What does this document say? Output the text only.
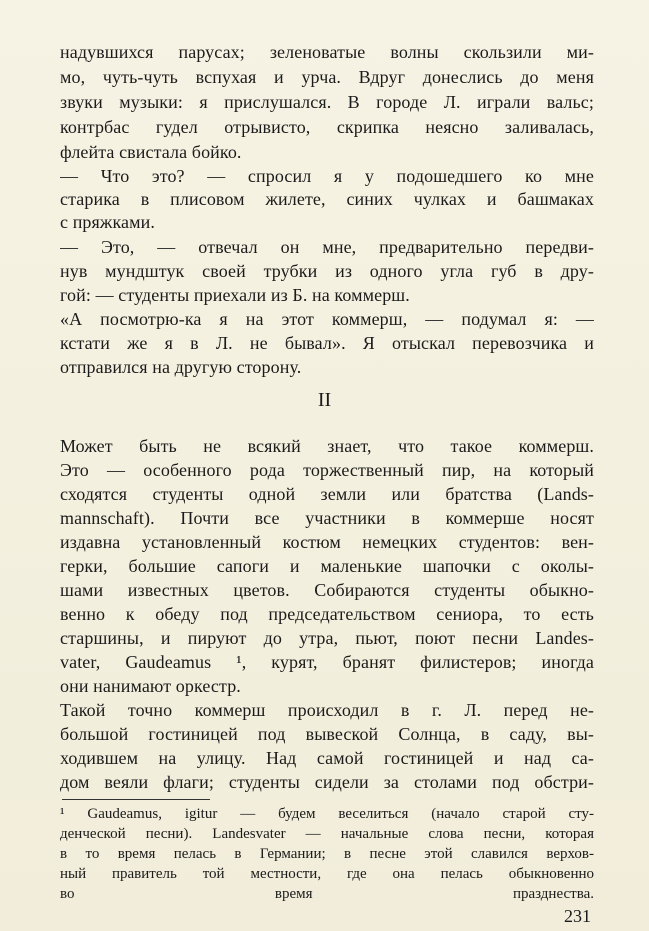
надувшихся парусах; зеленоватые волны скользили ми-
мо, чуть-чуть вспухая и урча. Вдруг донеслись до меня
звуки музыки: я прислушался. В городе Л. играли вальс;
контрбас гудел отрывисто, скрипка неясно заливалась,
флейта свистала бойко.
— Что это? — спросил я у подошедшего ко мне
старика в плисовом жилете, синих чулках и башмаках
с пряжками.
— Это, — отвечал он мне, предварительно передви-
нув мундштук своей трубки из одного угла губ в дру-
гой: — студенты приехали из Б. на коммерш.
«А посмотрю-ка я на этот коммерш, — подумал я: —
кстати же я в Л. не бывал». Я отыскал перевозчика и
отправился на другую сторону.
II
Может быть не всякий знает, что такое коммерш.
Это — особенного рода торжественный пир, на который
сходятся студенты одной земли или братства (Lands-
mannschaft). Почти все участники в коммерше носят
издавна установленный костюм немецких студентов: вен-
герки, большие сапоги и маленькие шапочки с околы-
шами известных цветов. Собираются студенты обыкно-
венно к обеду под председательством сениора, то есть
старшины, и пируют до утра, пьют, поют песни Landes-
vater, Gaudeamus ¹, курят, бранят филистеров; иногда
они нанимают оркестр.
Такой точно коммерш происходил в г. Л. перед не-
большой гостиницей под вывеской Солнца, в саду, вы-
ходившем на улицу. Над самой гостиницей и над са-
дом веяли флаги; студенты сидели за столами под обстри-
¹ Gaudeamus, igitur — будем веселиться (начало старой сту-
денческой песни). Landesvater — начальные слова песни, которая
в то время пелась в Германии; в песне этой славился верхов-
ный правитель той местности, где она пелась обыкновенно
во время празднества.
231
